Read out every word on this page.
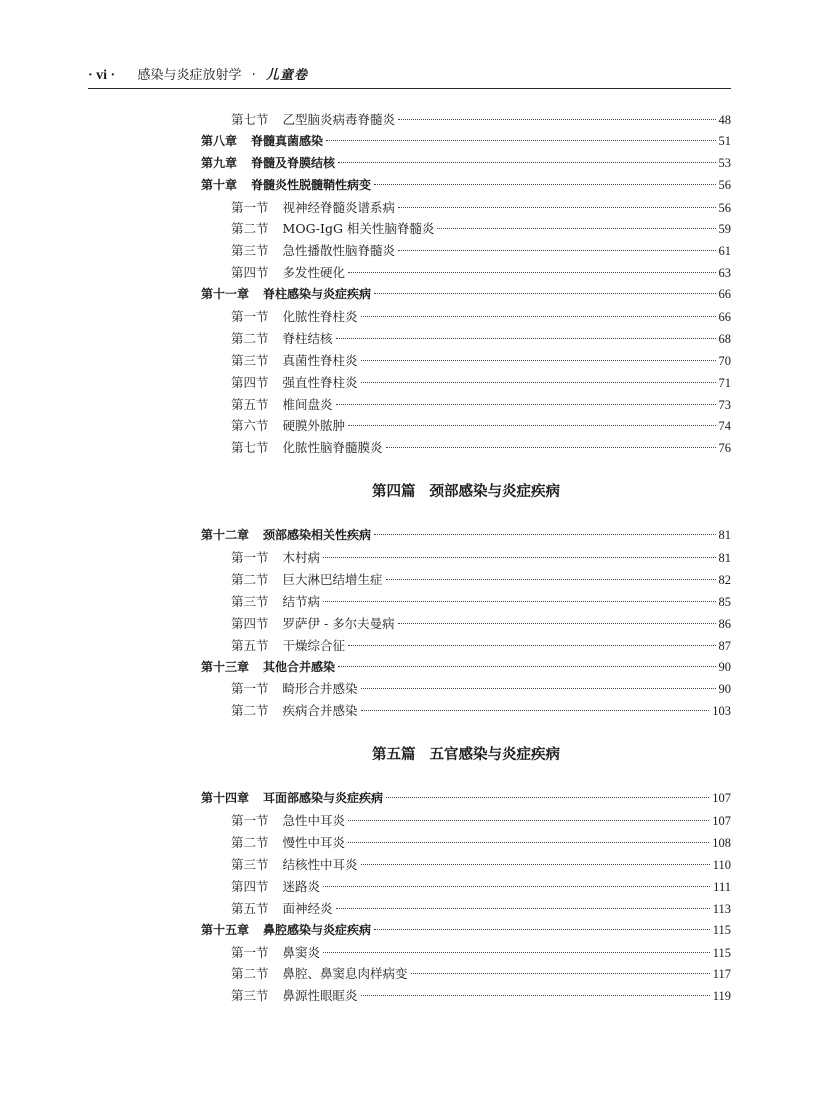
· vi · 感染与炎症放射学 · 儿童卷
第七节 乙型脑炎病毒脊髓炎	48
第八章 脊髓真菌感染	51
第九章 脊髓及脊膜结核	53
第十章 脊髓炎性脱髓鞘性病变	56
第一节 视神经脊髓炎谱系病	56
第二节 MOG-IgG 相关性脑脊髓炎	59
第三节 急性播散性脑脊髓炎	61
第四节 多发性硬化	63
第十一章 脊柱感染与炎症疾病	66
第一节 化脓性脊柱炎	66
第二节 脊柱结核	68
第三节 真菌性脊柱炎	70
第四节 强直性脊柱炎	71
第五节 椎间盘炎	73
第六节 硬膜外脓肿	74
第七节 化脓性脑脊髓膜炎	76
第四篇 颈部感染与炎症疾病
第十二章 颈部感染相关性疾病	81
第一节 木村病	81
第二节 巨大淋巴结增生症	82
第三节 结节病	85
第四节 罗萨伊 - 多尔夫曼病	86
第五节 干燥综合征	87
第十三章 其他合并感染	90
第一节 畸形合并感染	90
第二节 疾病合并感染	103
第五篇 五官感染与炎症疾病
第十四章 耳面部感染与炎症疾病	107
第一节 急性中耳炎	107
第二节 慢性中耳炎	108
第三节 结核性中耳炎	110
第四节 迷路炎	111
第五节 面神经炎	113
第十五章 鼻腔感染与炎症疾病	115
第一节 鼻窦炎	115
第二节 鼻腔、鼻窦息肉样病变	117
第三节 鼻源性眼眶炎	119
